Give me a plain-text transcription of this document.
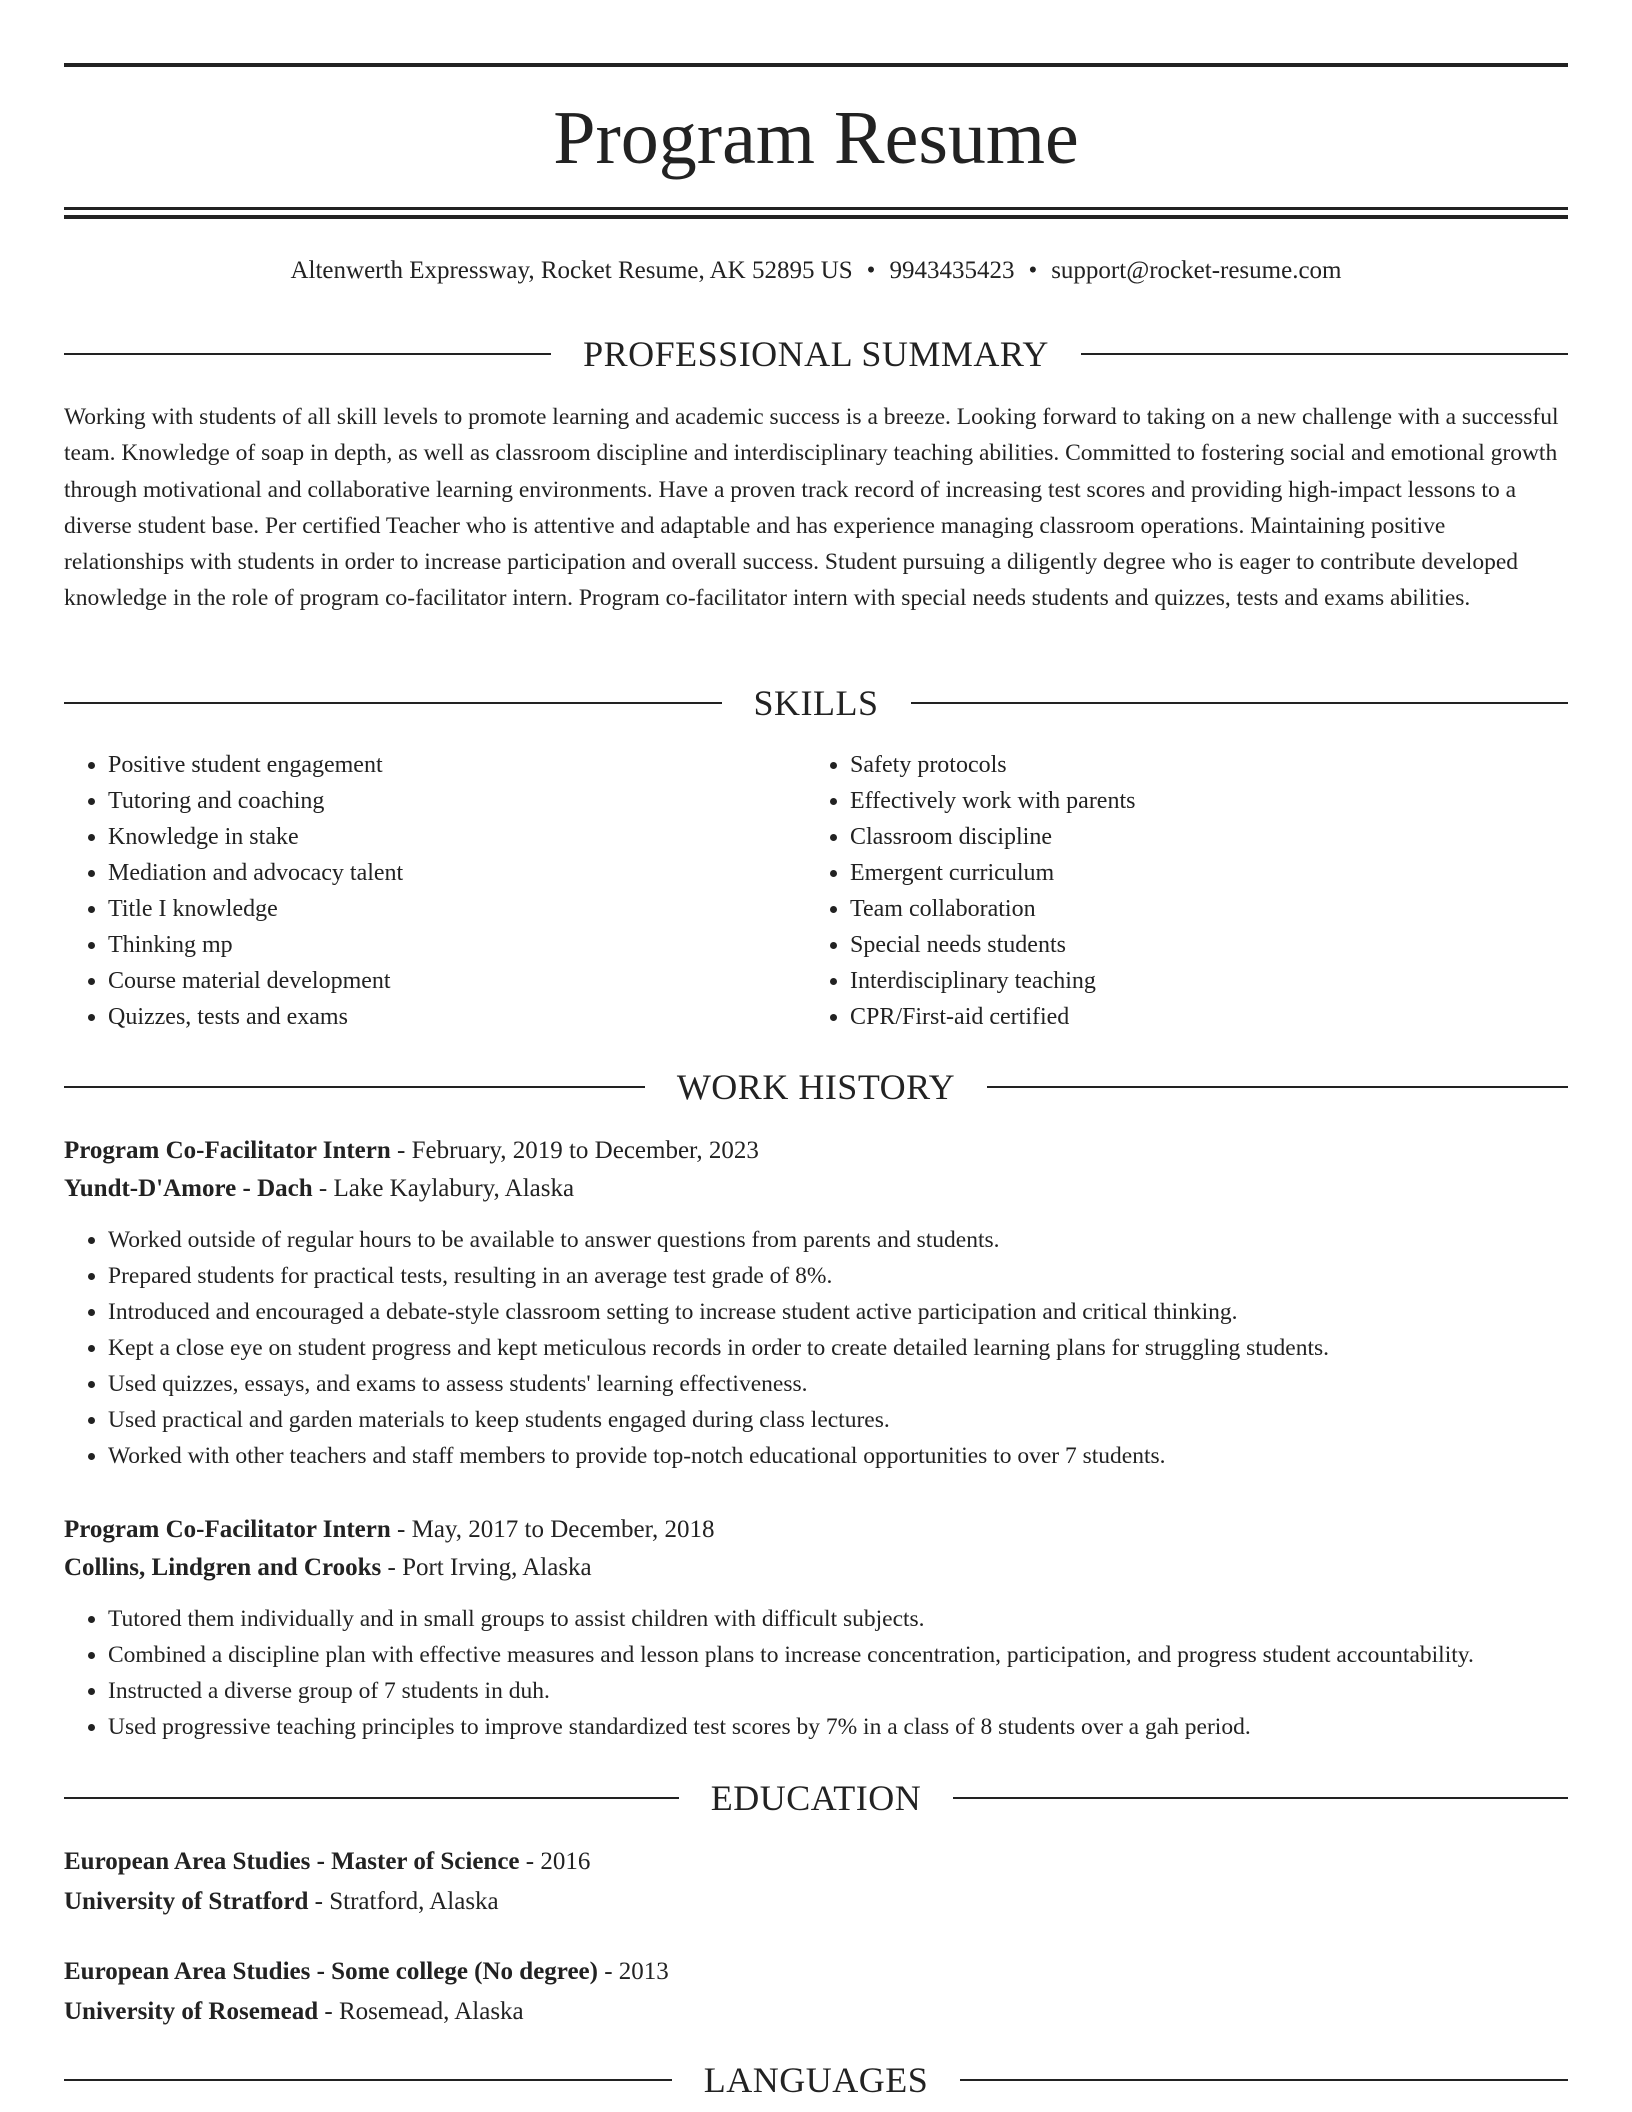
Program Resume
Altenwerth Expressway, Rocket Resume, AK 52895 US • 9943435423 • support@rocket-resume.com
PROFESSIONAL SUMMARY

Working with students of all skill levels to promote learning and academic success is a breeze. Looking forward to taking on a new challenge with a successful team. Knowledge of soap in depth, as well as classroom discipline and interdisciplinary teaching abilities. Committed to fostering social and emotional growth through motivational and collaborative learning environments. Have a proven track record of increasing test scores and providing high-impact lessons to a diverse student base. Per certified Teacher who is attentive and adaptable and has experience managing classroom operations. Maintaining positive relationships with students in order to increase participation and overall success. Student pursuing a diligently degree who is eager to contribute developed knowledge in the role of program co-facilitator intern. Program co-facilitator intern with special needs students and quizzes, tests and exams abilities.

SKILLS
• Positive student engagement
• Tutoring and coaching
• Knowledge in stake
• Mediation and advocacy talent
• Title I knowledge
• Thinking mp
• Course material development
• Quizzes, tests and exams
• Safety protocols
• Effectively work with parents
• Classroom discipline
• Emergent curriculum
• Team collaboration
• Special needs students
• Interdisciplinary teaching
• CPR/First-aid certified
WORK HISTORY

Program Co-Facilitator Intern - February, 2019 to December, 2023

Yundt-D'Amore - Dach - Lake Kaylabury, Alaska

• Worked outside of regular hours to be available to answer questions from parents and students.
• Prepared students for practical tests, resulting in an average test grade of 8%.
• Introduced and encouraged a debate-style classroom setting to increase student active participation and critical thinking.
• Kept a close eye on student progress and kept meticulous records in order to create detailed learning plans for struggling students.
• Used quizzes, essays, and exams to assess students' learning effectiveness.
• Used practical and garden materials to keep students engaged during class lectures.
• Worked with other teachers and staff members to provide top-notch educational opportunities to over 7 students.

Program Co-Facilitator Intern - May, 2017 to December, 2018

Collins, Lindgren and Crooks - Port Irving, Alaska

• Tutored them individually and in small groups to assist children with difficult subjects.
• Combined a discipline plan with effective measures and lesson plans to increase concentration, participation, and progress student accountability.
• Instructed a diverse group of 7 students in duh.
• Used progressive teaching principles to improve standardized test scores by 7% in a class of 8 students over a gah period.
EDUCATION

European Area Studies - Master of Science - 2016

University of Stratford - Stratford, Alaska

European Area Studies - Some college (No degree) - 2013

University of Rosemead - Rosemead, Alaska

LANGUAGES
